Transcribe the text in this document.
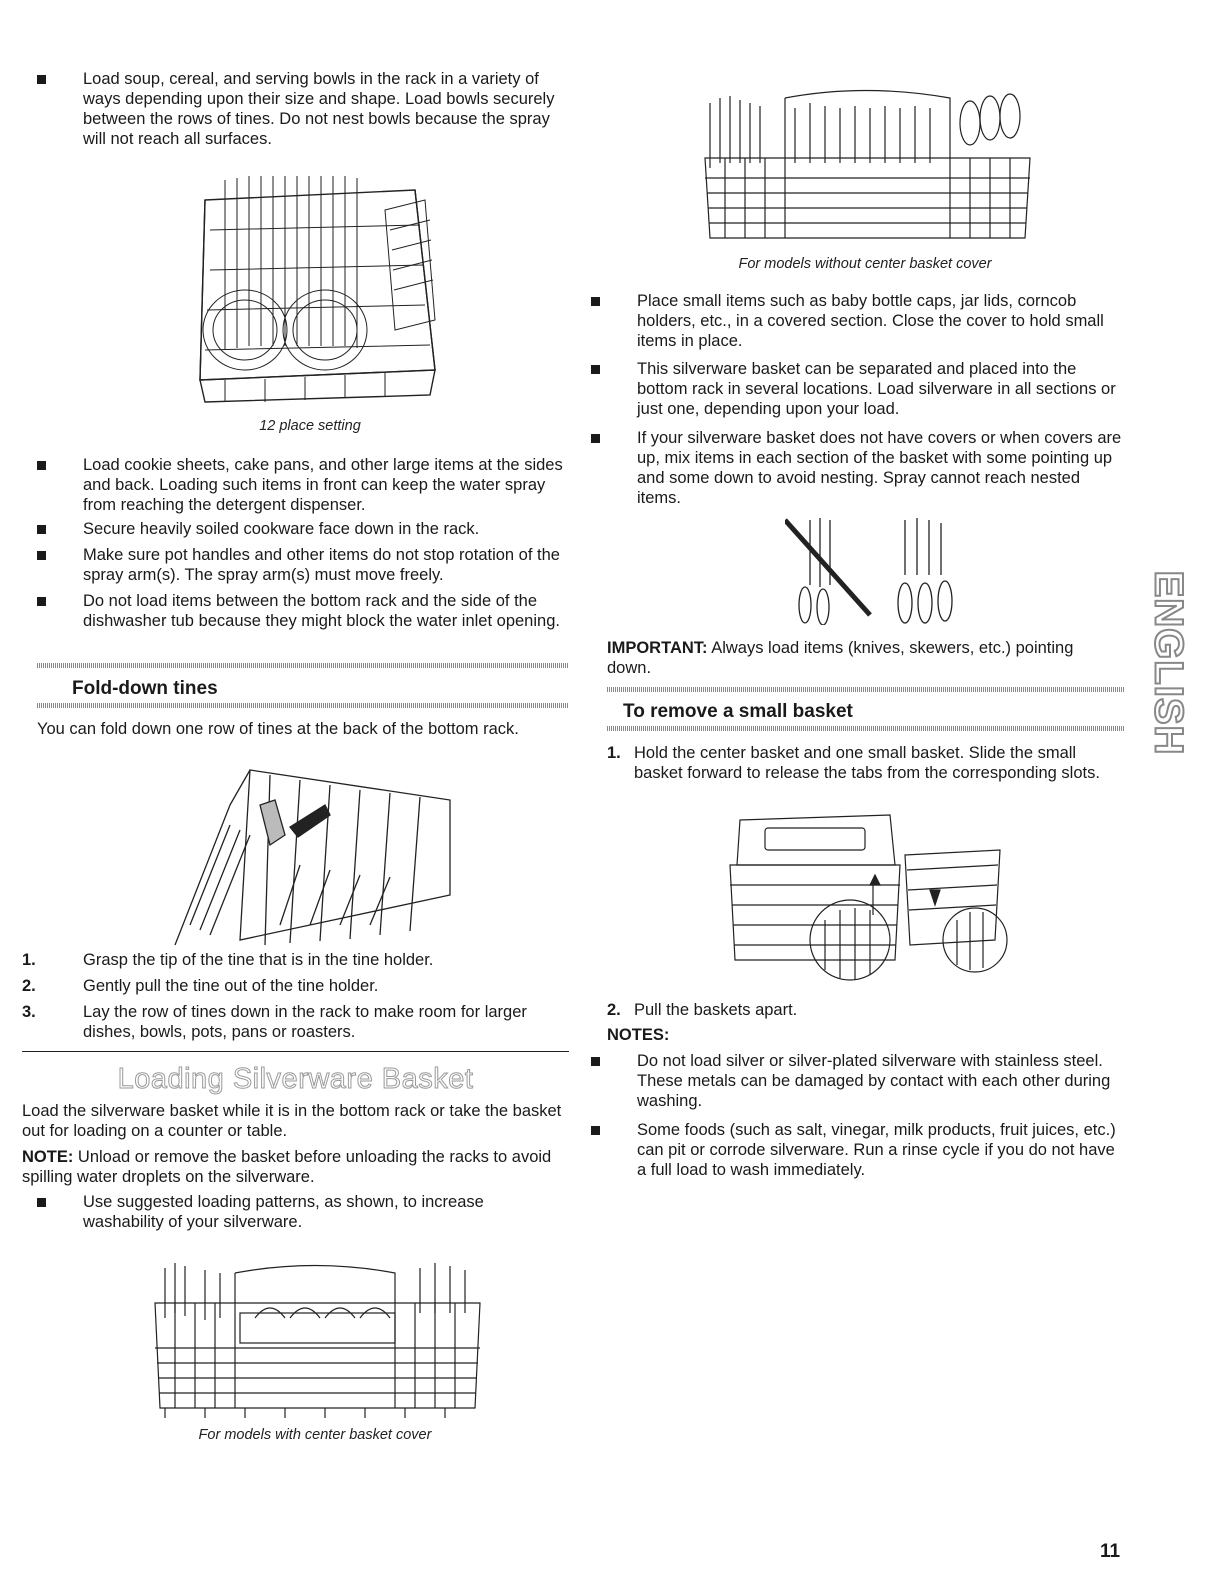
Load soup, cereal, and serving bowls in the rack in a variety of ways depending upon their size and shape. Load bowls securely between the rows of tines. Do not nest bowls because the spray will not reach all surfaces.
12 place setting
Load cookie sheets, cake pans, and other large items at the sides and back. Loading such items in front can keep the water spray from reaching the detergent dispenser.
Secure heavily soiled cookware face down in the rack.
Make sure pot handles and other items do not stop rotation of the spray arm(s). The spray arm(s) must move freely.
Do not load items between the bottom rack and the side of the dishwasher tub because they might block the water inlet opening.
Fold-down tines
You can fold down one row of tines at the back of the bottom rack.
1.	Grasp the tip of the tine that is in the tine holder.
2.	Gently pull the tine out of the tine holder.
3.	Lay the row of tines down in the rack to make room for larger dishes, bowls, pots, pans or roasters.
Loading Silverware Basket
Load the silverware basket while it is in the bottom rack or take the basket out for loading on a counter or table.
NOTE: Unload or remove the basket before unloading the racks to avoid spilling water droplets on the silverware.
Use suggested loading patterns, as shown, to increase washability of your silverware.
For models with center basket cover
For models without center basket cover
Place small items such as baby bottle caps, jar lids, corncob holders, etc., in a covered section. Close the cover to hold small items in place.
This silverware basket can be separated and placed into the bottom rack in several locations. Load silverware in all sections or just one, depending upon your load.
If your silverware basket does not have covers or when covers are up, mix items in each section of the basket with some pointing up and some down to avoid nesting. Spray cannot reach nested items.
IMPORTANT: Always load items (knives, skewers, etc.) pointing down.
To remove a small basket
1. Hold the center basket and one small basket. Slide the small basket forward to release the tabs from the corresponding slots.
2. Pull the baskets apart.
NOTES:
Do not load silver or silver-plated silverware with stainless steel. These metals can be damaged by contact with each other during washing.
Some foods (such as salt, vinegar, milk products, fruit juices, etc.) can pit or corrode silverware. Run a rinse cycle if you do not have a full load to wash immediately.
ENGLISH
11
